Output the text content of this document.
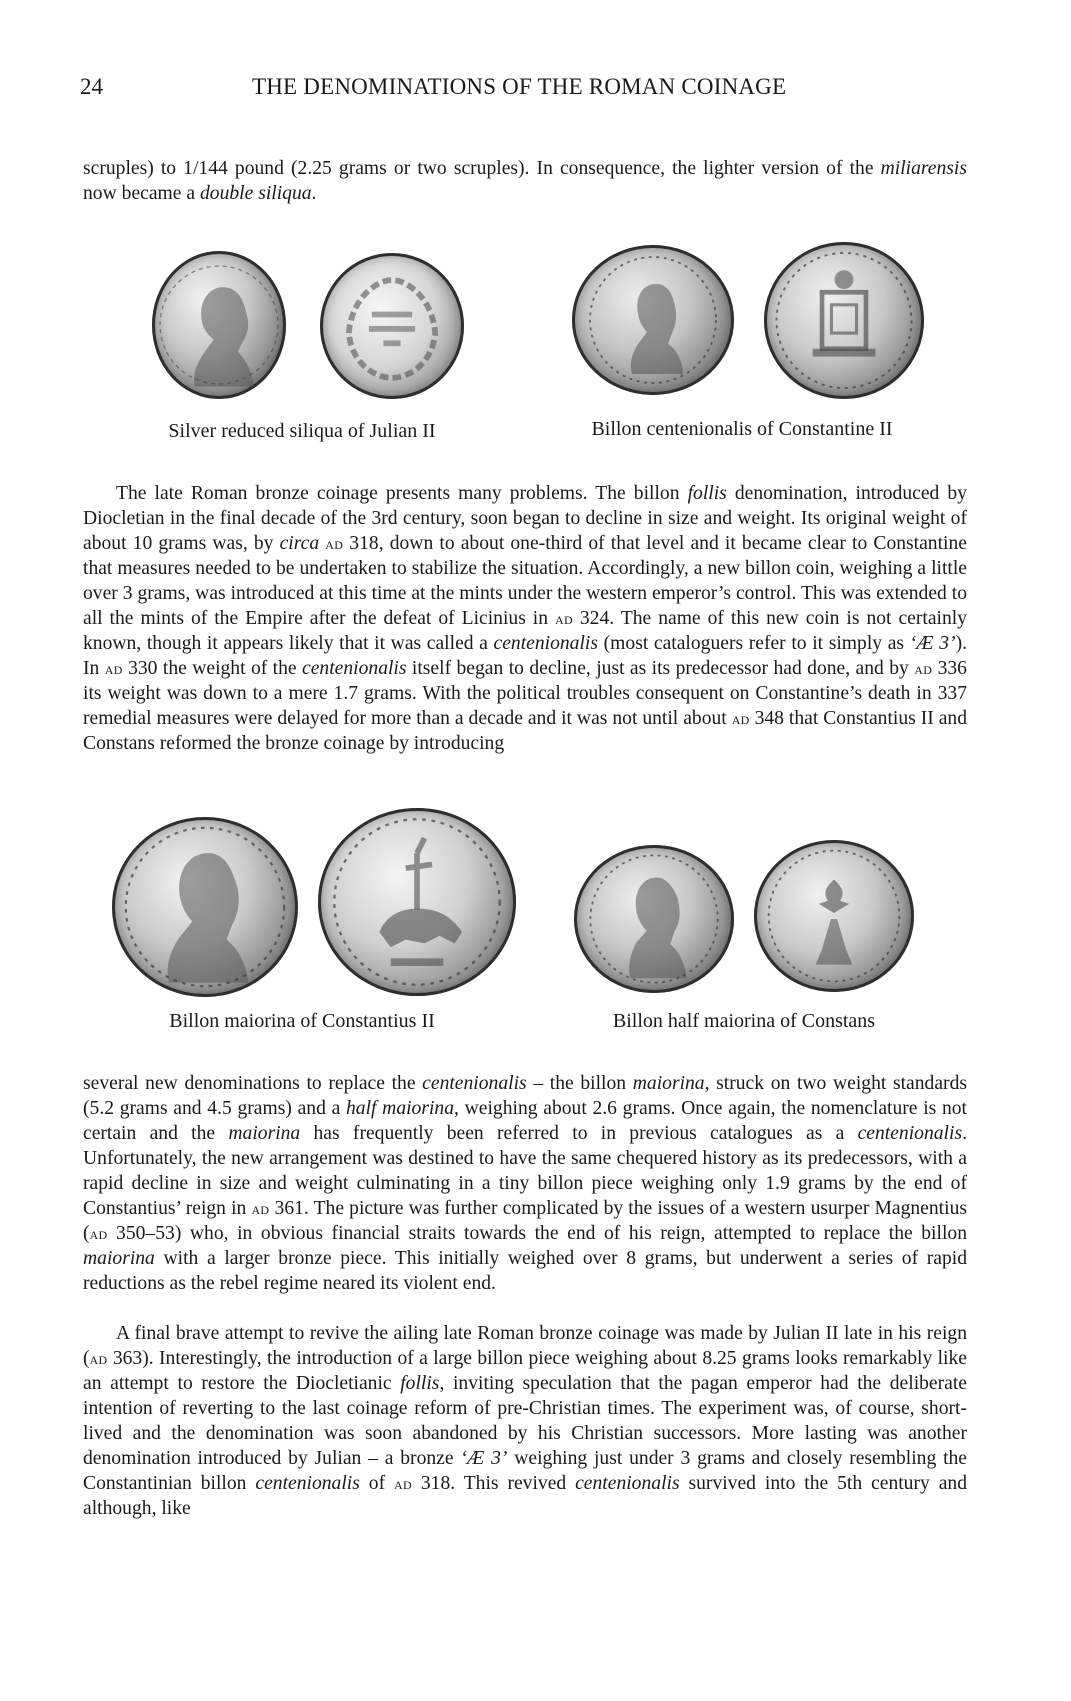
24	THE DENOMINATIONS OF THE ROMAN COINAGE

scruples) to 1/144 pound (2.25 grams or two scruples). In consequence, the lighter version of the miliarensis now became a double siliqua.

Silver reduced siliqua of Julian II	Billon centenionalis of Constantine II

The late Roman bronze coinage presents many problems. The billon follis denomination, introduced by Diocletian in the final decade of the 3rd century, soon began to decline in size and weight. Its original weight of about 10 grams was, by circa ad 318, down to about one-third of that level and it became clear to Constantine that measures needed to be undertaken to stabilize the situation. Accordingly, a new billon coin, weighing a little over 3 grams, was introduced at this time at the mints under the western emperor’s control. This was extended to all the mints of the Empire after the defeat of Licinius in ad 324. The name of this new coin is not certainly known, though it appears likely that it was called a centenionalis (most cataloguers refer to it simply as ‘Æ 3’). In ad 330 the weight of the centenionalis itself began to decline, just as its predecessor had done, and by ad 336 its weight was down to a mere 1.7 grams. With the political troubles consequent on Constantine’s death in 337 remedial measures were delayed for more than a decade and it was not until about ad 348 that Constantius II and Constans reformed the bronze coinage by introducing

Billon maiorina of Constantius II	Billon half maiorina of Constans

several new denominations to replace the centenionalis – the billon maiorina, struck on two weight standards (5.2 grams and 4.5 grams) and a half maiorina, weighing about 2.6 grams. Once again, the nomenclature is not certain and the maiorina has frequently been referred to in previous catalogues as a centenionalis. Unfortunately, the new arrangement was destined to have the same chequered history as its predecessors, with a rapid decline in size and weight culminating in a tiny billon piece weighing only 1.9 grams by the end of Constantius’ reign in ad 361. The picture was further complicated by the issues of a western usurper Magnentius (ad 350–53) who, in obvious financial straits towards the end of his reign, attempted to replace the billon maiorina with a larger bronze piece. This initially weighed over 8 grams, but underwent a series of rapid reductions as the rebel regime neared its violent end.

A final brave attempt to revive the ailing late Roman bronze coinage was made by Julian II late in his reign (ad 363). Interestingly, the introduction of a large billon piece weighing about 8.25 grams looks remarkably like an attempt to restore the Diocletianic follis, inviting speculation that the pagan emperor had the deliberate intention of reverting to the last coinage reform of pre-Christian times. The experiment was, of course, short-lived and the denomination was soon abandoned by his Christian successors. More lasting was another denomination introduced by Julian – a bronze ‘Æ 3’ weighing just under 3 grams and closely resembling the Constantinian billon centenionalis of ad 318. This revived centenionalis survived into the 5th century and although, like
